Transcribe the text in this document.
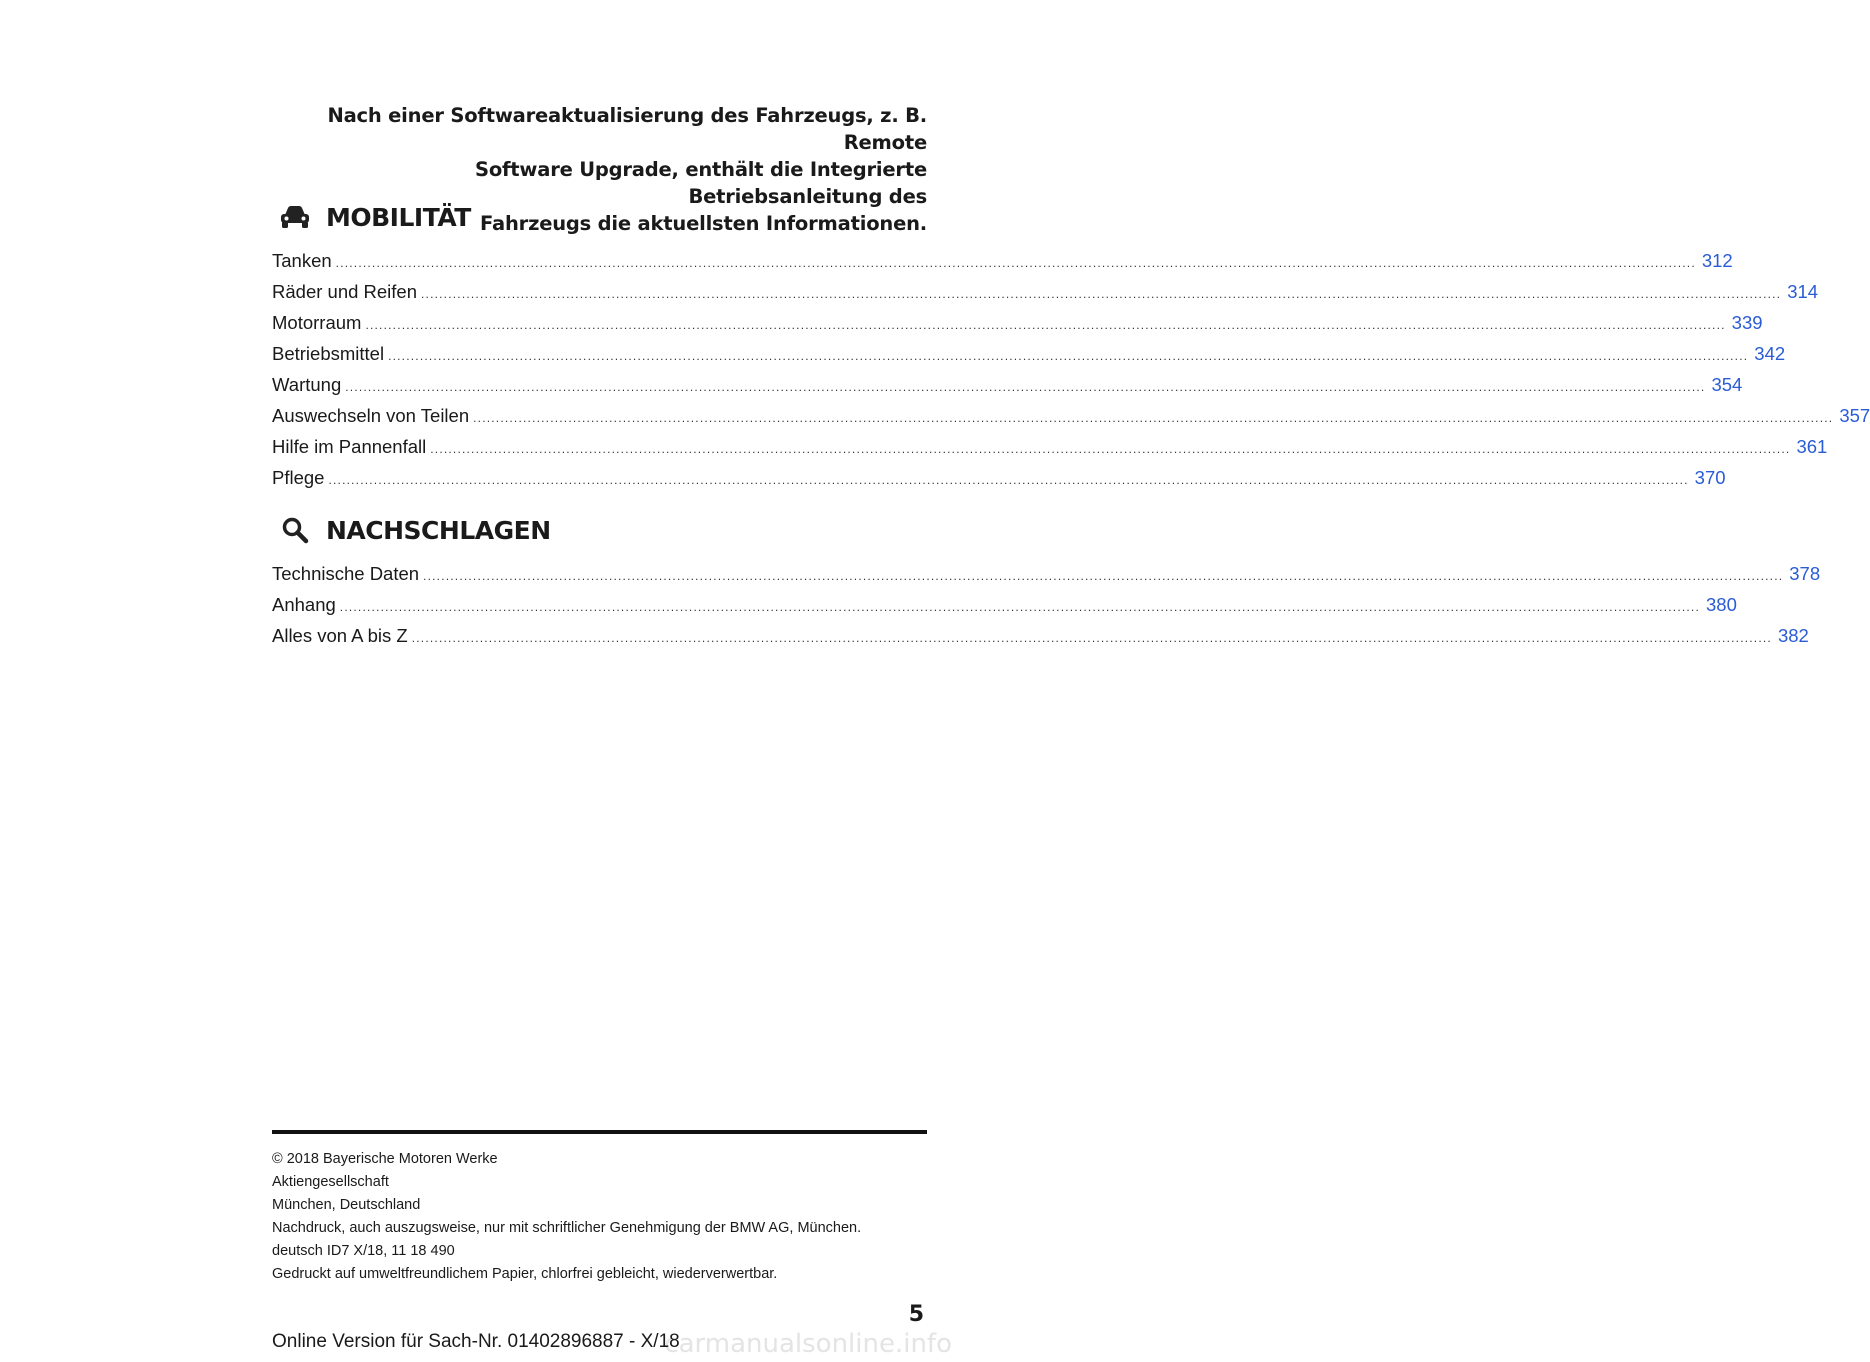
Nach einer Softwareaktualisierung des Fahrzeugs, z. B. Remote

Software Upgrade, enthält die Integrierte Betriebsanleitung des

Fahrzeugs die aktuellsten Informationen.

MOBILITÄT
Tanken ............................................................................................................................................................................................................................................................................................................ 312
Räder und Reifen ............................................................................................................................................................................................................................................................................................................ 314
Motorraum ............................................................................................................................................................................................................................................................................................................ 339
Betriebsmittel ............................................................................................................................................................................................................................................................................................................ 342
Wartung ............................................................................................................................................................................................................................................................................................................ 354
Auswechseln von Teilen ............................................................................................................................................................................................................................................................................................................ 357
Hilfe im Pannenfall ............................................................................................................................................................................................................................................................................................................ 361
Pflege ............................................................................................................................................................................................................................................................................................................ 370
NACHSCHLAGEN
Technische Daten ............................................................................................................................................................................................................................................................................................................ 378
Anhang ............................................................................................................................................................................................................................................................................................................ 380
Alles von A bis Z ............................................................................................................................................................................................................................................................................................................ 382
© 2018 Bayerische Motoren Werke
Aktiengesellschaft
München, Deutschland
Nachdruck, auch auszugsweise, nur mit schriftlicher Genehmigung der BMW AG, München.
deutsch ID7 X/18, 11 18 490
Gedruckt auf umweltfreundlichem Papier, chlorfrei gebleicht, wiederverwertbar.
5
carmanualsonline.info
Online Version für Sach-Nr. 01402896887 - X/18
